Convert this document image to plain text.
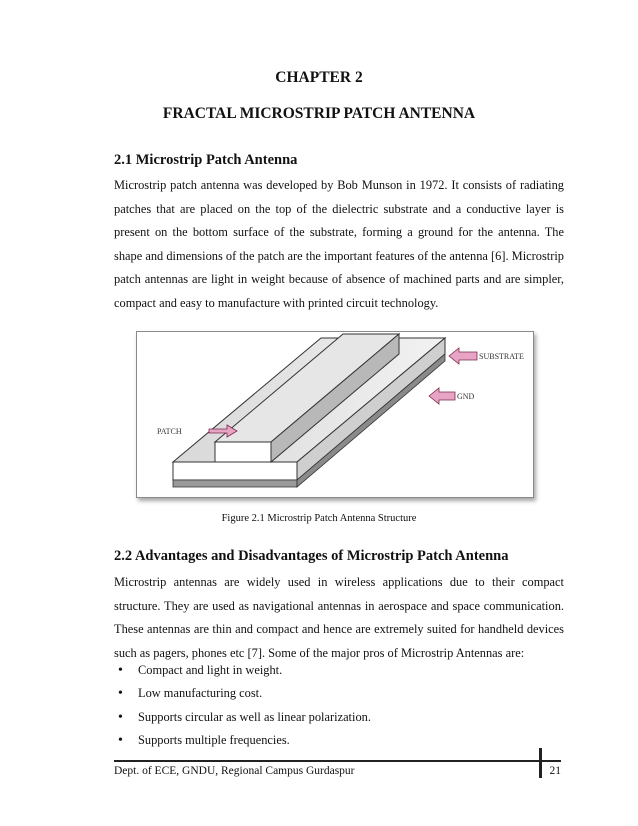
CHAPTER 2
FRACTAL MICROSTRIP PATCH ANTENNA
2.1 Microstrip Patch Antenna

Microstrip patch antenna was developed by Bob Munson in 1972. It consists of radiating patches that are placed on the top of the dielectric substrate and a conductive layer is present on the bottom surface of the substrate, forming a ground for the antenna. The shape and dimensions of the patch are the important features of the antenna [6]. Microstrip patch antennas are light in weight because of absence of machined parts and are simpler, compact and easy to manufacture with printed circuit technology.

SUBSTRATE
GND
PATCH
Figure 2.1 Microstrip Patch Antenna Structure
2.2 Advantages and Disadvantages of Microstrip Patch Antenna

Microstrip antennas are widely used in wireless applications due to their compact structure. They are used as navigational antennas in aerospace and space communication. These antennas are thin and compact and hence are extremely suited for handheld devices such as pagers, phones etc [7]. Some of the major pros of Microstrip Antennas are:

• Compact and light in weight.
• Low manufacturing cost.
• Supports circular as well as linear polarization.
• Supports multiple frequencies.
Dept. of ECE, GNDU, Regional Campus Gurdaspur	21
